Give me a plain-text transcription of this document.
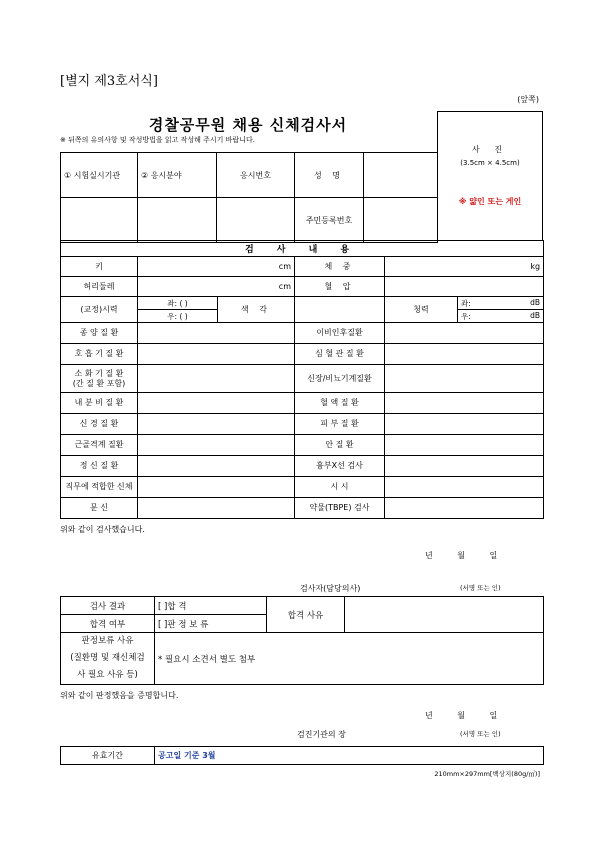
[별지 제3호서식]
(앞쪽)
경찰공무원 채용 신체검사서
※ 뒤쪽의 유의사항 및 작성방법을 읽고 작성해 주시기 바랍니다.
사 진
(3.5cm × 4.5cm)
※ 얇인 또는 게인
① 시험실시기관	② 응시분야	응시번호	성 명	
			주민등록번호	
검 사 내 용					
키	cm		체 중	kg	
허리둘레	cm		혈 압		
(교정)시력	좌: ( )	색 각		청력	좌: dB

	우: ( )				우: dB

종 양 질 환			이비인후질환		
호 흡 기 질 환			심 혈 관 질 환		
소 화 기 질 환
(간 질 환 포함)			신장/비뇨기계질환		
내 분 비 질 환			혈 액 질 환		
신 경 질 환			피 부 질 환		
근골격계 질환			안 질 환		
정 신 질 환			흉부X선 검사		
직무에 적합한 신체			시 시		
문 신			약물(TBPE) 검사		
위와 같이 검사했습니다.
년 월 일
검사자(담당의사)	(서명 또는 인)
검사 결과	[ ]합 격	합격 사유	
합격 여부	[ ]판 정 보 류		
판정보류 사유
(질환명 및 재신체검
사 필요 사유 등)	* 필요시 소견서 별도 첨부		
위와 같이 판정했음을 증명합니다.
년 월 일
검진기관의 장	(서명 또는 인)
유효기간	공고일 기준 3월
210mm×297mm[백상지(80g/㎡)]
